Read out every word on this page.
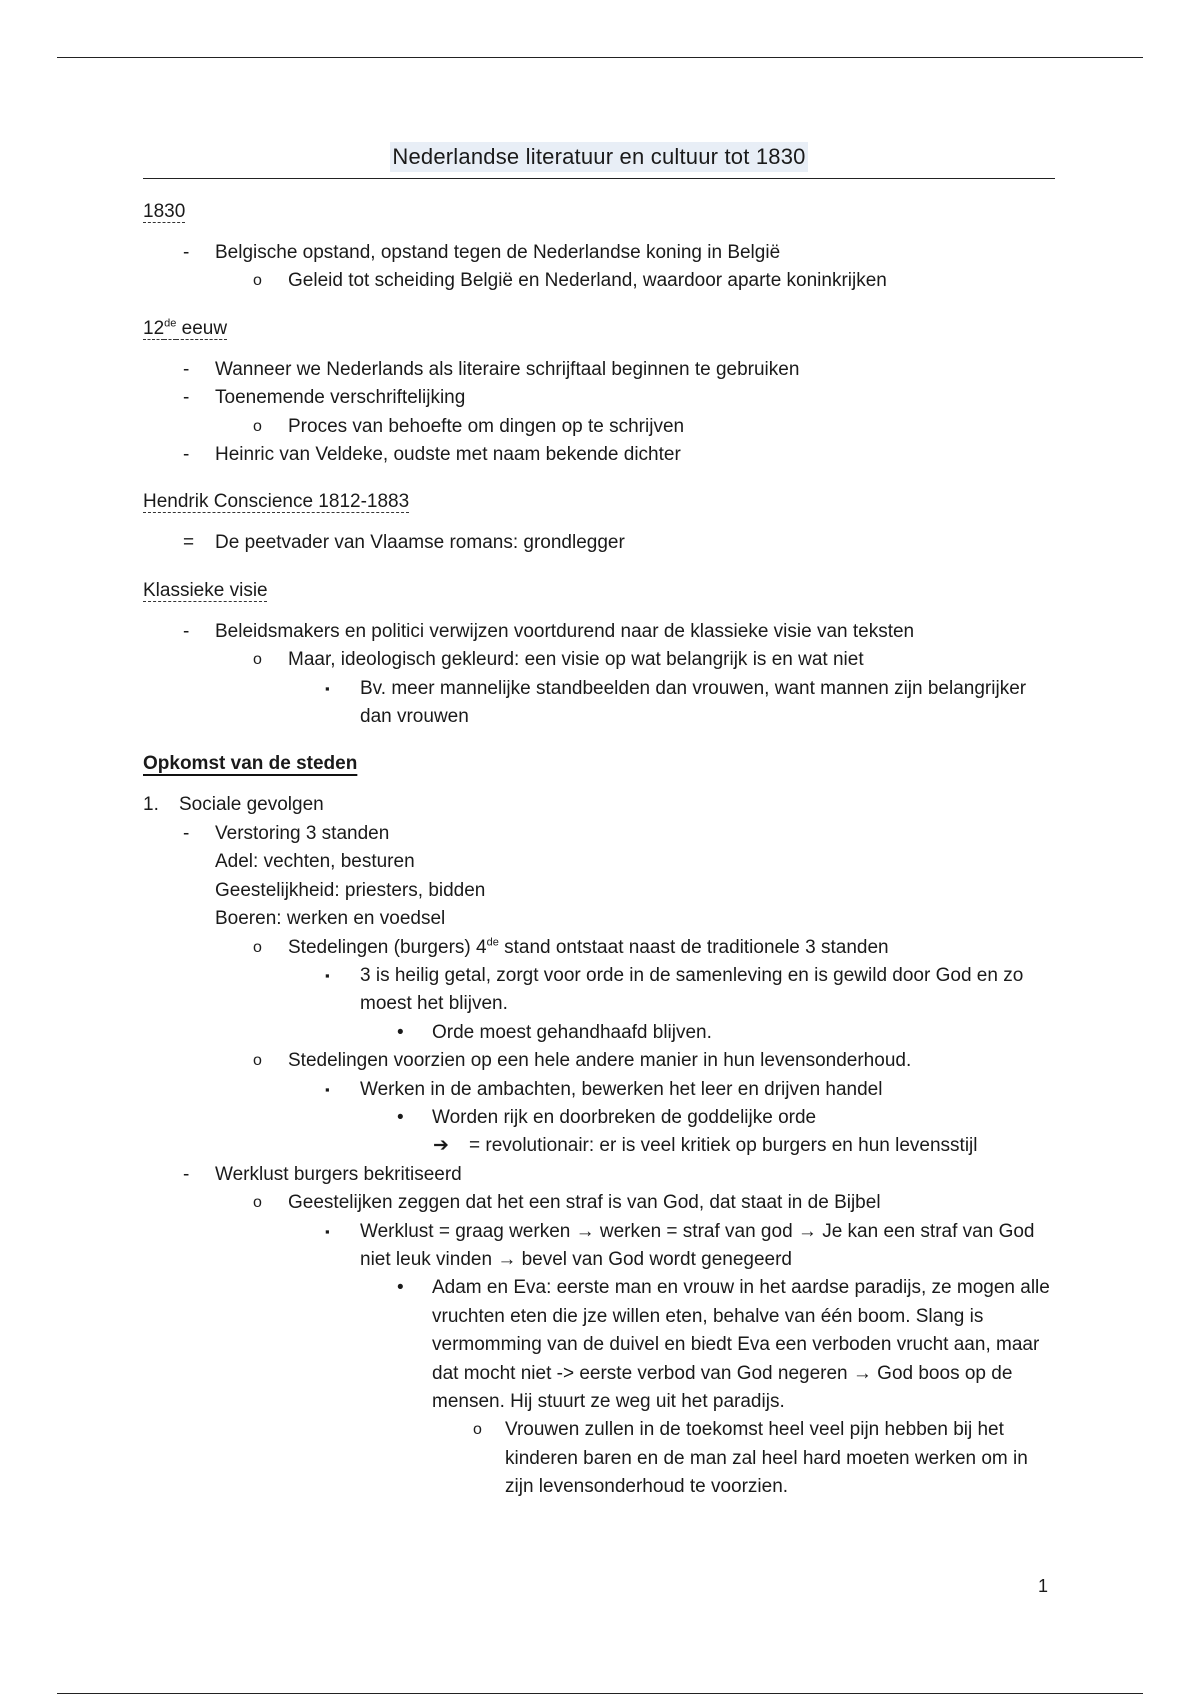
Nederlandse literatuur en cultuur tot 1830
1830
-	Belgische opstand, opstand tegen de Nederlandse koning in België
o	Geleid tot scheiding België en Nederland, waardoor aparte koninkrijken
12de eeuw
-	Wanneer we Nederlands als literaire schrijftaal beginnen te gebruiken
-	Toenemende verschriftelijking
o	Proces van behoefte om dingen op te schrijven
-	Heinric van Veldeke, oudste met naam bekende dichter
Hendrik Conscience 1812-1883
=	De peetvader van Vlaamse romans: grondlegger
Klassieke visie
-	Beleidsmakers en politici verwijzen voortdurend naar de klassieke visie van teksten
o	Maar, ideologisch gekleurd: een visie op wat belangrijk is en wat niet
▪	Bv. meer mannelijke standbeelden dan vrouwen, want mannen zijn belangrijker dan vrouwen
Opkomst van de steden
1.	Sociale gevolgen
-	Verstoring 3 standen
Adel: vechten, besturen
Geestelijkheid: priesters, bidden
Boeren: werken en voedsel
o	Stedelingen (burgers) 4de stand ontstaat naast de traditionele 3 standen
▪	3 is heilig getal, zorgt voor orde in de samenleving en is gewild door God en zo moest het blijven.
•	Orde moest gehandhaafd blijven.
o	Stedelingen voorzien op een hele andere manier in hun levensonderhoud.
▪	Werken in de ambachten, bewerken het leer en drijven handel
•	Worden rijk en doorbreken de goddelijke orde
➔	= revolutionair: er is veel kritiek op burgers en hun levensstijl
-	Werklust burgers bekritiseerd
o	Geestelijken zeggen dat het een straf is van God, dat staat in de Bijbel
▪	Werklust = graag werken → werken = straf van god → Je kan een straf van God niet leuk vinden → bevel van God wordt genegeerd
•	Adam en Eva: eerste man en vrouw in het aardse paradijs, ze mogen alle vruchten eten die jze willen eten, behalve van één boom. Slang is vermomming van de duivel en biedt Eva een verboden vrucht aan, maar dat mocht niet -> eerste verbod van God negeren → God boos op de mensen. Hij stuurt ze weg uit het paradijs.
o	Vrouwen zullen in de toekomst heel veel pijn hebben bij het kinderen baren en de man zal heel hard moeten werken om in zijn levensonderhoud te voorzien.
1
